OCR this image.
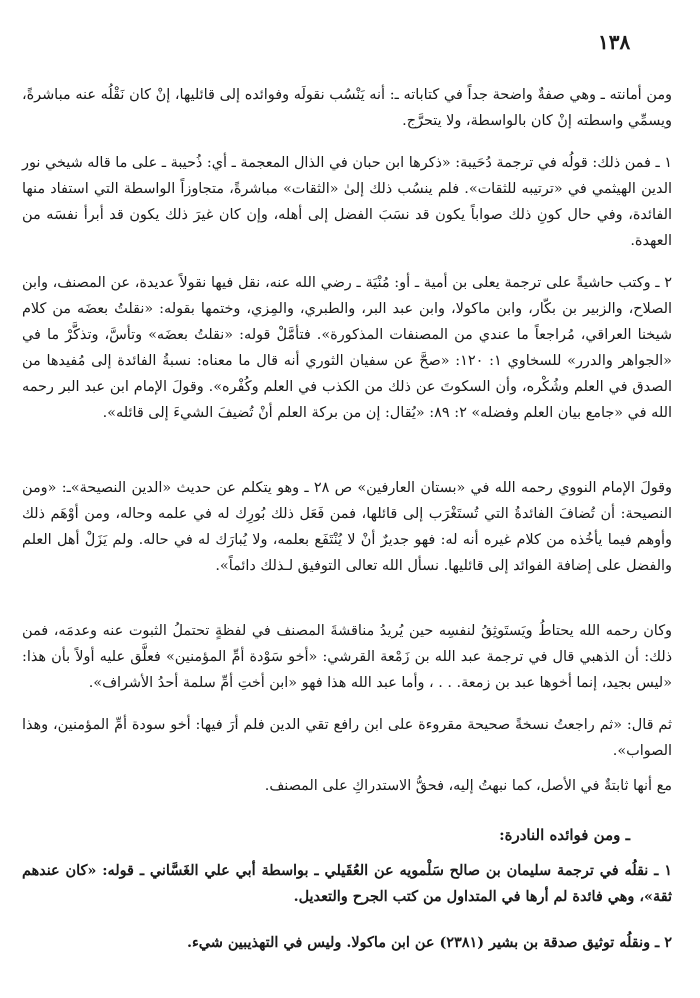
١٣٨

ومن أمانته ـ وهي صفةٌ واضحة جداً في كتاباته ـ: أنه يَنْسُب نقولَه وفوائده إلى قائليها، إنْ كان نَقْلُه عنه مباشرةً، ويسمِّي واسطته إنْ كان بالواسطة، ولا يتحرَّج.

١ ـ فمن ذلك: قولُه في ترجمة دُحَيبة: «ذكرها ابن حبان في الذال المعجمة ـ أي: ذُحيبة ـ على ما قاله شيخي نور الدين الهيثمي في «ترتيبه للثقات». فلم ينسُب ذلك إلىٰ «الثقات» مباشرةً، متجاوزاً الواسطة التي استفاد منها الفائدة، وفي حال كونِ ذلك صواباً يكون قد نسَبَ الفضل إلى أهله، وإن كان غيرَ ذلك يكون قد أبرأ نفسَه من العهدة.

٢ ـ وكتب حاشيةً على ترجمة يعلى بن أمية ـ أو: مُنْيَة ـ رضي الله عنه، نقل فيها نقولاً عديدة، عن المصنف، وابن الصلاح، والزبير بن بكّار، وابن ماكولا، وابن عبد البر، والطبري، والمِزي، وختمها بقوله: «نقلتُ بعضَه من كلام شيخنا العراقي، مُراجعاً ما عندي من المصنفات المذكورة». فتأمَّلْ قوله: «نقلتُ بعضَه» وتأسَّ، وتذكَّرْ ما في «الجواهر والدرر» للسخاوي ١: ١٢٠: «صحَّ عن سفيان الثوري أنه قال ما معناه: نسبةُ الفائدة إلى مُفيدها من الصدق في العلم وشُكْره، وأن السكوتَ عن ذلك من الكذب في العلم وكُفْره». وقولَ الإمام ابن عبد البر رحمه الله في «جامع بيان العلم وفضله» ٢: ٨٩: «يُقال: إن من بركة العلم أنْ تُضيفَ الشيءَ إلى قائله».

وقولَ الإمام النووي رحمه الله في «بستان العارفين» ص ٢٨ ـ وهو يتكلم عن حديث «الدين النصيحة»ـ: «ومن النصيحة: أن تُضافَ الفائدةُ التي تُستَغْرَب إلى قائلها، فمن فَعَل ذلك بُورِك له في علمه وحاله، ومن أوْهَم ذلك وأوهم فيما يأخُذه من كلام غيره أنه له: فهو جديرٌ أنْ لا يُنْتَفَع بعلمه، ولا يُبارَك له في حاله. ولم يَزَلْ أهل العلم والفضل على إضافة الفوائد إلى قائليها. نسأل الله تعالى التوفيق لـذلك دائماً».

وكان رحمه الله يحتاطُ ويَستَوثِقُ لنفسِه حين يُريدُ مناقشةَ المصنف في لفظةٍ تحتملُ الثبوت عنه وعدمَه، فمن ذلك: أن الذهبي قال في ترجمة عبد الله بن زَمْعة القرشي: «أخو سَوْدة أمِّ المؤمنين» فعلَّق عليه أولاً بأن هذا: «ليس بجيد، إنما أخوها عبد بن زمعة. . . ، وأما عبد الله هذا فهو «ابن أختِ أمِّ سلمة أحدُ الأشراف».

ثم قال: «ثم راجعتُ نسخةً صحيحة مقروءة على ابن رافع تقي الدين فلم أرَ فيها: أخو سودة أمِّ المؤمنين، وهذا الصواب».

مع أنها ثابتةٌ في الأصل، كما نبهتُ إليه، فحقُّ الاستدراكِ على المصنف.

ـ ومن فوائده النادرة:

١ ـ نقلُه في ترجمة سليمان بن صالح سَلْمويه عن العُقَيلي ـ بواسطة أبي علي الغَسَّاني ـ قوله: «كان عندهم ثقة»، وهي فائدة لم أرها في المتداول من كتب الجرح والتعديل.

٢ ـ ونقلُه توثيق صدقة بن بشير (٢٣٨١) عن ابن ماكولا. وليس في التهذيبين شيء.
